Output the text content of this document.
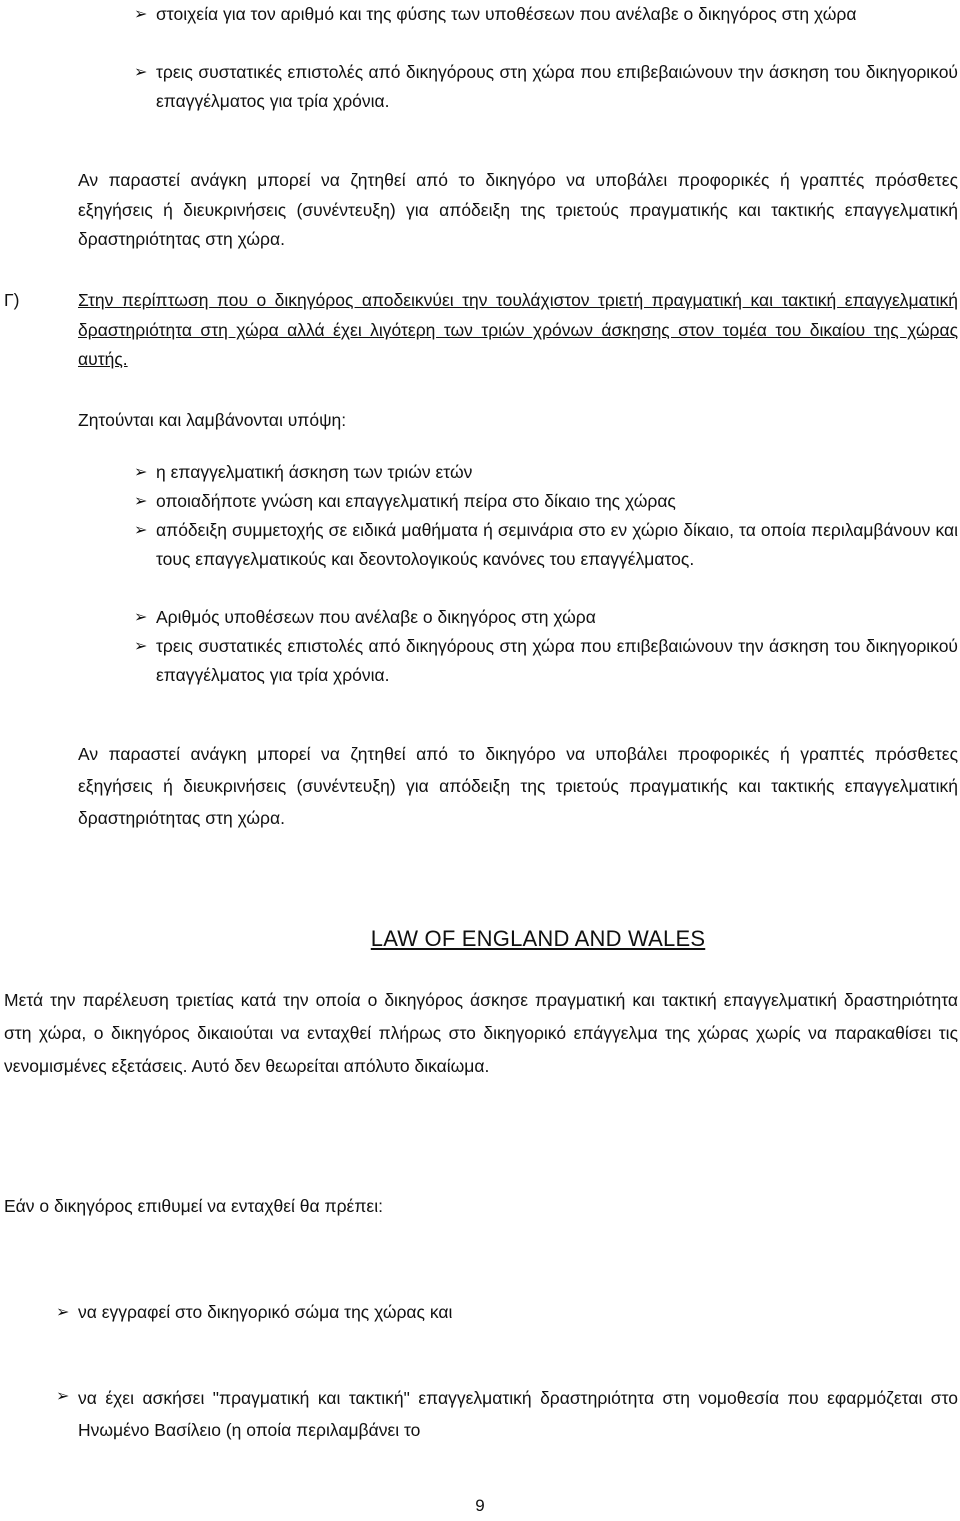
➢ στοιχεία για τον αριθμό και της φύσης των υποθέσεων που ανέλαβε ο δικηγόρος στη χώρα
➢ τρεις συστατικές επιστολές από δικηγόρους στη χώρα που επιβεβαιώνουν την άσκηση του δικηγορικού επαγγέλματος για τρία χρόνια.
Αν παραστεί ανάγκη μπορεί να ζητηθεί από το δικηγόρο να υποβάλει προφορικές ή γραπτές πρόσθετες εξηγήσεις ή διευκρινήσεις (συνέντευξη) για απόδειξη της τριετούς πραγματικής και τακτικής επαγγελματική δραστηριότητας στη χώρα.
Γ)	Στην περίπτωση που ο δικηγόρος αποδεικνύει την τουλάχιστον τριετή πραγματική και τακτική επαγγελματική δραστηριότητα στη χώρα αλλά έχει λιγότερη των τριών χρόνων άσκησης στον τομέα του δικαίου της χώρας αυτής.
Ζητούνται και λαμβάνονται υπόψη:
➢ η επαγγελματική άσκηση των τριών ετών
➢ οποιαδήποτε γνώση και επαγγελματική πείρα στο δίκαιο της χώρας
➢ απόδειξη συμμετοχής σε ειδικά μαθήματα ή σεμινάρια στο εν χώριο δίκαιο, τα οποία περιλαμβάνουν και τους επαγγελματικούς και δεοντολογικούς κανόνες του επαγγέλματος.
➢ Αριθμός υποθέσεων που ανέλαβε ο δικηγόρος στη χώρα
➢ τρεις συστατικές επιστολές από δικηγόρους στη χώρα που επιβεβαιώνουν την άσκηση του δικηγορικού επαγγέλματος για τρία χρόνια.
Αν παραστεί ανάγκη μπορεί να ζητηθεί από το δικηγόρο να υποβάλει προφορικές ή γραπτές πρόσθετες εξηγήσεις ή διευκρινήσεις (συνέντευξη) για απόδειξη της τριετούς πραγματικής και τακτικής επαγγελματική δραστηριότητας στη χώρα.
LAW OF ENGLAND AND WALES
Μετά την παρέλευση τριετίας κατά την οποία ο δικηγόρος άσκησε πραγματική και τακτική επαγγελματική δραστηριότητα στη χώρα, ο δικηγόρος δικαιούται να ενταχθεί πλήρως στο δικηγορικό επάγγελμα της χώρας χωρίς να παρακαθίσει τις νενομισμένες εξετάσεις. Αυτό δεν θεωρείται απόλυτο δικαίωμα.
Εάν ο δικηγόρος επιθυμεί να ενταχθεί θα πρέπει:
➢ να εγγραφεί στο δικηγορικό σώμα της χώρας και
➢ να έχει ασκήσει "πραγματική και τακτική" επαγγελματική δραστηριότητα στη νομοθεσία που εφαρμόζεται στο Ηνωμένο Βασίλειο (η οποία περιλαμβάνει το
9
